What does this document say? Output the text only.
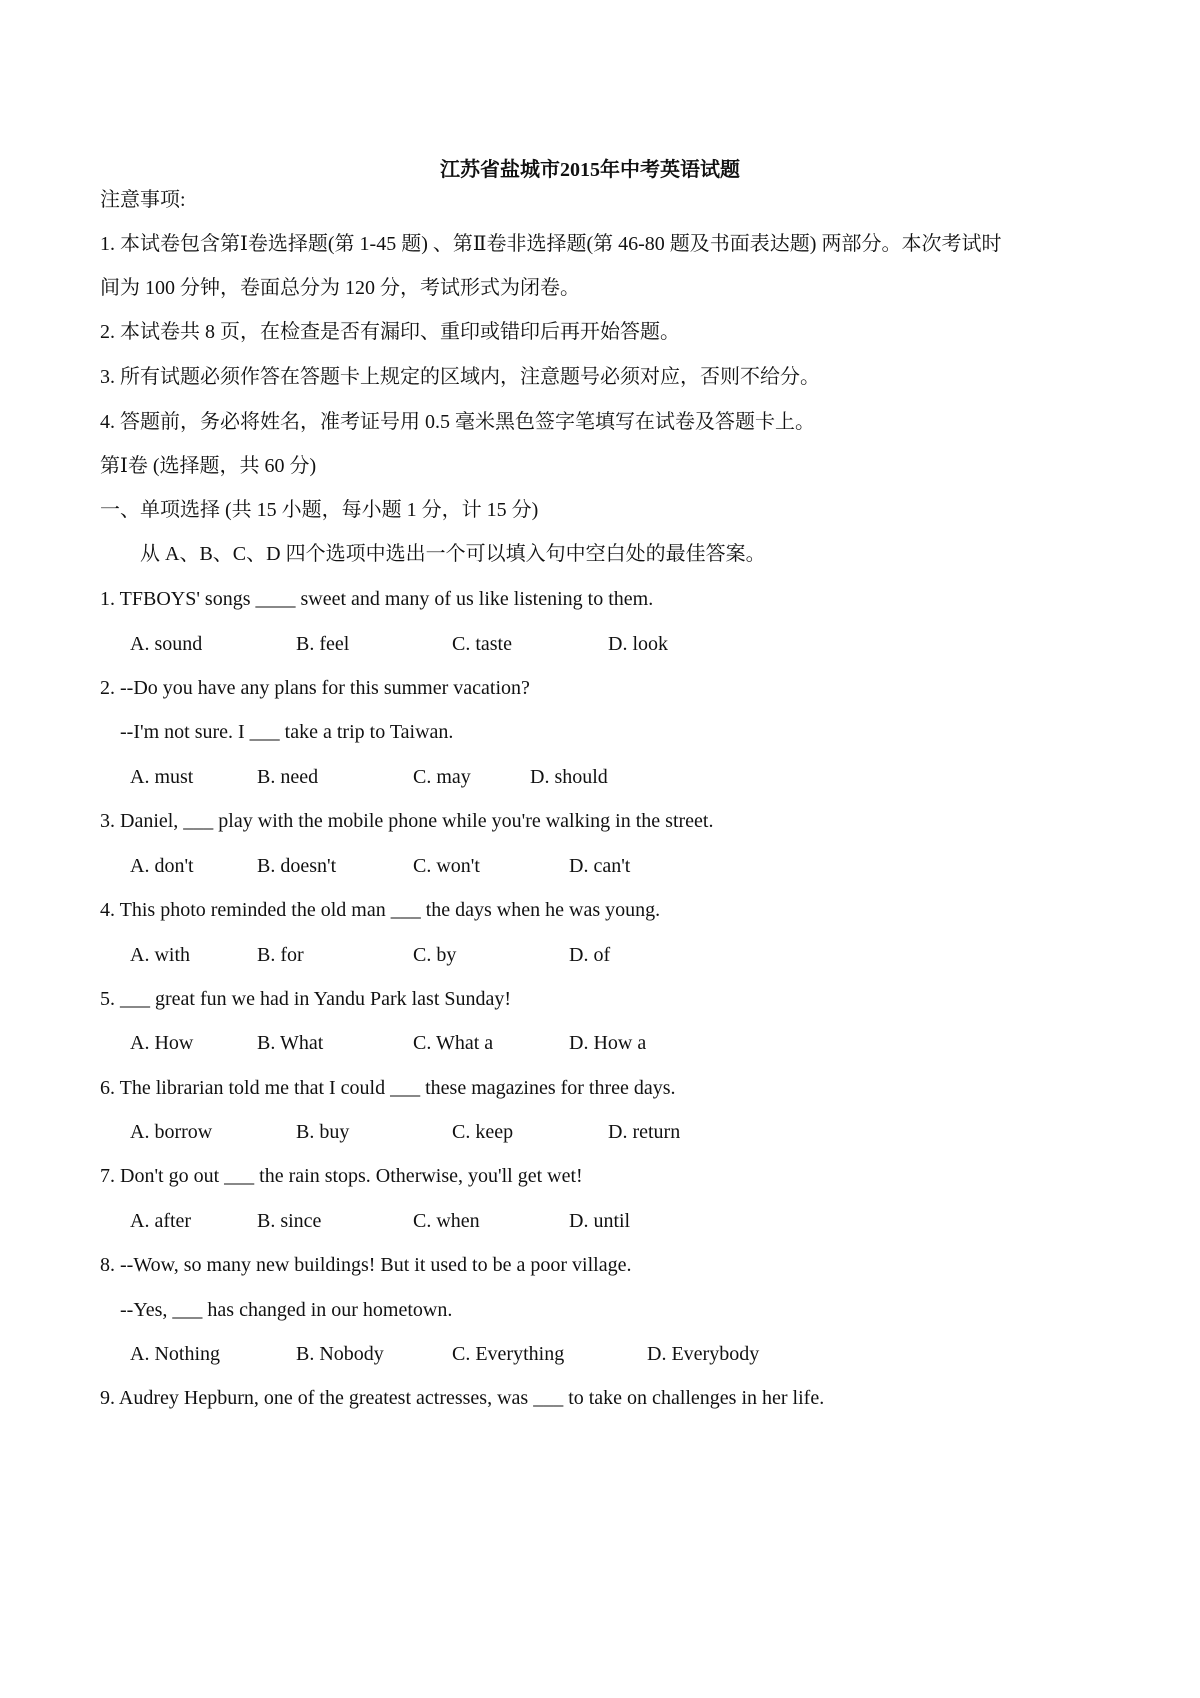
江苏省盐城市2015年中考英语试题
注意事项:
1. 本试卷包含第Ⅰ卷选择题(第 1-45 题) 、第Ⅱ卷非选择题(第 46-80 题及书面表达题) 两部分。本次考试时
间为 100 分钟，卷面总分为 120 分，考试形式为闭卷。
2. 本试卷共 8 页，在检查是否有漏印、重印或错印后再开始答题。
3. 所有试题必须作答在答题卡上规定的区域内，注意题号必须对应，否则不给分。
4. 答题前，务必将姓名，准考证号用 0.5 毫米黑色签字笔填写在试卷及答题卡上。
第Ⅰ卷 (选择题，共 60 分)
一、单项选择 (共 15 小题，每小题 1 分，计 15 分)
从 A、B、C、D 四个选项中选出一个可以填入句中空白处的最佳答案。
1. TFBOYS' songs ____ sweet and many of us like listening to them.
A. sound	B. feel	C. taste	D. look
2. --Do you have any plans for this summer vacation?
--I'm not sure. I ___ take a trip to Taiwan.
A. must	B. need	C. may	D. should
3. Daniel, ___ play with the mobile phone while you're walking in the street.
A. don't	B. doesn't	C. won't	D. can't
4. This photo reminded the old man ___ the days when he was young.
A. with	B. for	C. by	D. of
5. ___ great fun we had in Yandu Park last Sunday!
A. How	B. What	C. What a	D. How a
6. The librarian told me that I could ___ these magazines for three days.
A. borrow	B. buy	C. keep	D. return
7. Don't go out ___ the rain stops. Otherwise, you'll get wet!
A. after	B. since	C. when	D. until
8. --Wow, so many new buildings! But it used to be a poor village.
--Yes, ___ has changed in our hometown.
A. Nothing	B. Nobody	C. Everything	D. Everybody
9. Audrey Hepburn, one of the greatest actresses, was ___ to take on challenges in her life.
